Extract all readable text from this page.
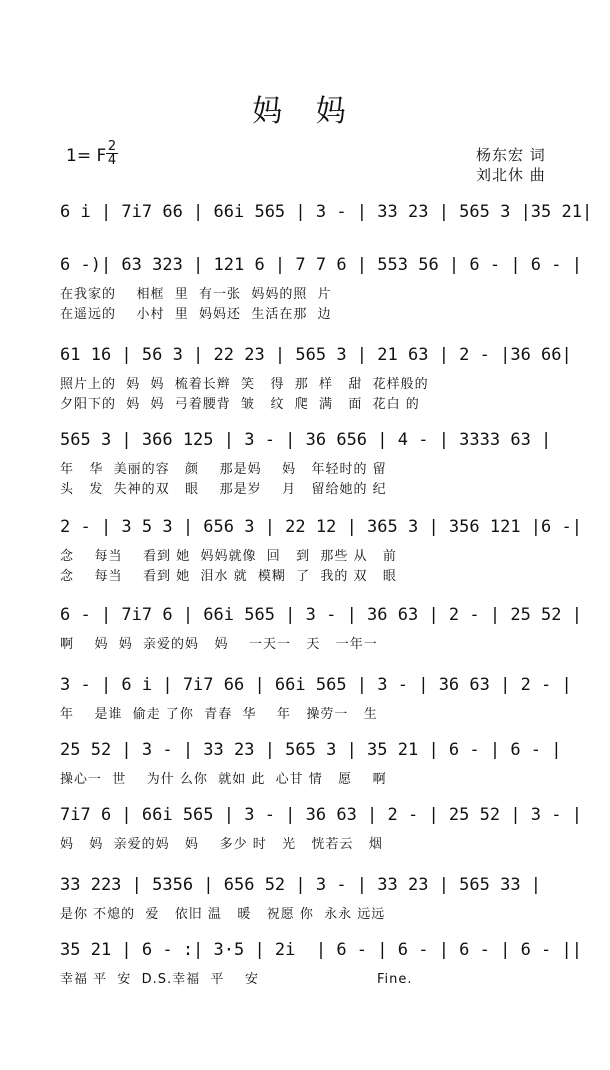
妈 妈
1= F $\frac{2}{4}$	杨东宏 词
刘北休 曲
6 i | 7i7 66 | 66i 565 | 3 - | 33 23 | 565 3 |35 21|
6 -)| 63 323 | 121 6 | 7 7 6 | 553 56 | 6 - | 6 - |
在我家的    相框  里  有一张  妈妈的照  片
在遥远的    小村  里  妈妈还  生活在那  边
61 16 | 56 3 | 22 23 | 565 3 | 21 63 | 2 - |36 66|
照片上的  妈  妈  梳着长辫  笑   得  那  样   甜  花样般的
夕阳下的  妈  妈  弓着腰背  皱   纹  爬  满   面  花白 的
565 3 | 366 125 | 3 - | 36 656 | 4 - | 3333 63 |
年   华  美丽的容   颜    那是妈    妈   年轻时的 留
头   发  失神的双   眼    那是岁    月   留给她的 纪
2 - | 3 5 3 | 656 3 | 22 12 | 365 3 | 356 121 |6 -|
念    每当    看到 她  妈妈就像  回   到  那些 从   前
念    每当    看到 她  泪水 就  模糊  了  我的 双   眼
6 - | 7i7 6 | 66i 565 | 3 - | 36 63 | 2 - | 25 52 |
啊    妈  妈  亲爱的妈   妈    一天一   天   一年一
3 - | 6 i | 7i7 66 | 66i 565 | 3 - | 36 63 | 2 - |
年    是谁  偷走 了你  青春  华    年   操劳一   生
25 52 | 3 - | 33 23 | 565 3 | 35 21 | 6 - | 6 - |
操心一  世    为什 么你  就如 此  心甘 情   愿    啊
7i7 6 | 66i 565 | 3 - | 36 63 | 2 - | 25 52 | 3 - |
妈   妈  亲爱的妈   妈    多少 时   光   恍若云   烟
33 223 | 5356 | 656 52 | 3 - | 33 23 | 565 33 |
是你 不熄的  爱   依旧 温   暖   祝愿 你  永永 远远
35 21 | 6 - :| 3·5 | 2i  | 6 - | 6 - | 6 - | 6 - ||
幸福 平  安  D.S.幸福  平    安                       Fine.
